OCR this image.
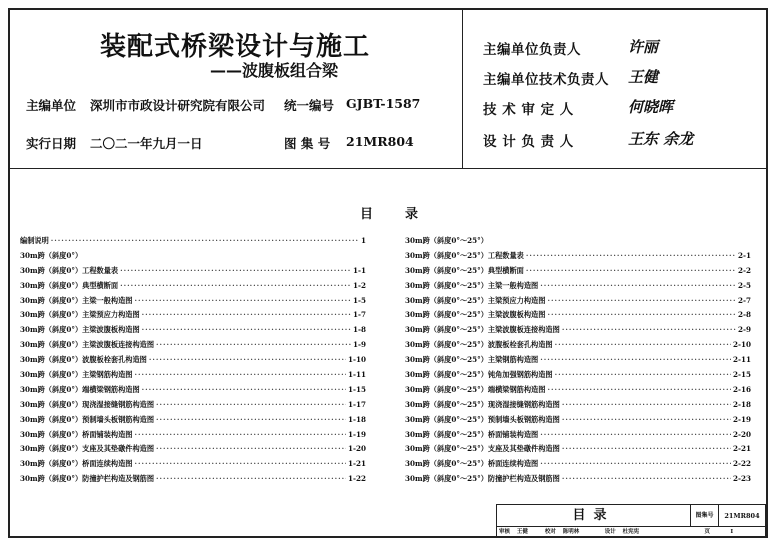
装配式桥梁设计与施工
——波腹板组合梁
主编单位 深圳市市政设计研究院有限公司 统一编号 GJBT-1587
实行日期 二〇二一年九月一日	图 集 号 21MR804
主编单位负责人	许丽
主编单位技术负责人 王健
技 术 审 定 人	何晓晖
设 计 负 责 人	王东 余龙
目 录
编制说明 ·····	1
30m跨（斜度0°）
30m跨（斜度0°）工程数量表 ·····	1-1
30m跨（斜度0°）典型横断面 ·····	1-2
30m跨（斜度0°）主梁一般构造图 ·····	1-5
30m跨（斜度0°）主梁预应力构造图 ·····	1-7
30m跨（斜度0°）主梁波腹板构造图 ·····	1-8
30m跨（斜度0°）主梁波腹板连接构造图 ·····	1-9
30m跨（斜度0°）波腹板栓套孔构造图 ·····	1-10
30m跨（斜度0°）主梁钢筋构造图 ·····	1-11
30m跨（斜度0°）端横梁钢筋构造图 ·····	1-15
30m跨（斜度0°）现浇湿接缝钢筋构造图 ·····	1-17
30m跨（斜度0°）预制墙头板钢筋构造图 ·····	1-18
30m跨（斜度0°）桥面铺装构造图 ·····	1-19
30m跨（斜度0°）支座及其垫礅件构造图 ·····	1-20
30m跨（斜度0°）桥面连续构造图 ·····	1-21
30m跨（斜度0°）防撞护栏构造及钢筋图 ·····	1-22
30m跨（斜度0°～25°）
30m跨（斜度0°～25°）工程数量表 ·····	2-1
30m跨（斜度0°～25°）典型横断面 ·····	2-2
30m跨（斜度0°～25°）主梁一般构造图 ·····	2-5
30m跨（斜度0°～25°）主梁预应力构造图 ·····	2-7
30m跨（斜度0°～25°）主梁波腹板构造图 ·····	2-8
30m跨（斜度0°～25°）主梁波腹板连接构造图 ·····	2-9
30m跨（斜度0°～25°）波腹板栓套孔构造图 ·····	2-10
30m跨（斜度0°～25°）主梁钢筋构造图 ·····	2-11
30m跨（斜度0°～25°）钝角加强钢筋构造图 ·····	2-15
30m跨（斜度0°～25°）端横梁钢筋构造图 ·····	2-16
30m跨（斜度0°～25°）现浇湿接缝钢筋构造图 ·····	2-18
30m跨（斜度0°～25°）预制墙头板钢筋构造图 ·····	2-19
30m跨（斜度0°～25°）桥面铺装构造图 ·····	2-20
30m跨（斜度0°～25°）支座及其垫礅件构造图 ·····	2-21
30m跨（斜度0°～25°）桥面连续构造图 ·····	2-22
30m跨（斜度0°～25°）防撞护栏构造及钢筋图 ·····	2-23
目录	图集号	21MR804
审核 王健	校对 陈明林	设计 杜宪宪	页	I
